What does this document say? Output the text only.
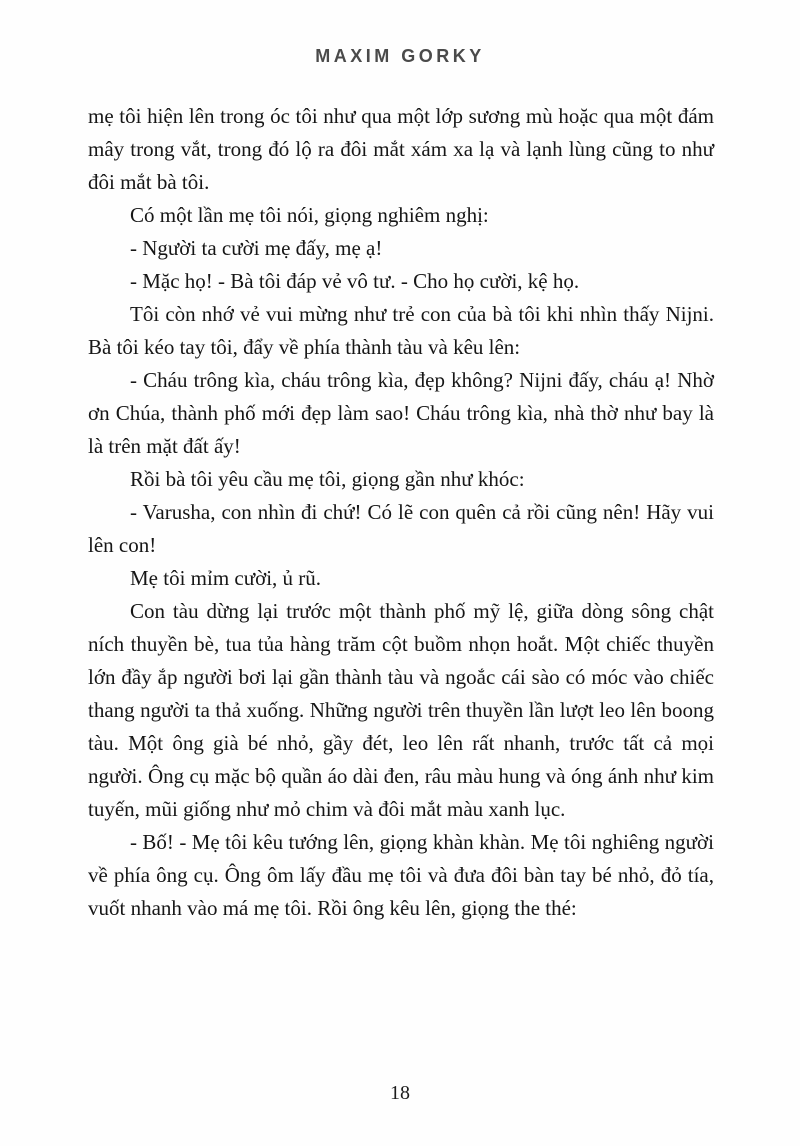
MAXIM GORKY

mẹ tôi hiện lên trong óc tôi như qua một lớp sương mù hoặc qua một đám mây trong vắt, trong đó lộ ra đôi mắt xám xa lạ và lạnh lùng cũng to như đôi mắt bà tôi.

Có một lần mẹ tôi nói, giọng nghiêm nghị:

- Người ta cười mẹ đấy, mẹ ạ!

- Mặc họ! - Bà tôi đáp vẻ vô tư. - Cho họ cười, kệ họ.

Tôi còn nhớ vẻ vui mừng như trẻ con của bà tôi khi nhìn thấy Nijni. Bà tôi kéo tay tôi, đẩy về phía thành tàu và kêu lên:

- Cháu trông kìa, cháu trông kìa, đẹp không? Nijni đấy, cháu ạ! Nhờ ơn Chúa, thành phố mới đẹp làm sao! Cháu trông kìa, nhà thờ như bay là là trên mặt đất ấy!

Rồi bà tôi yêu cầu mẹ tôi, giọng gần như khóc:

- Varusha, con nhìn đi chứ! Có lẽ con quên cả rồi cũng nên! Hãy vui lên con!

Mẹ tôi mỉm cười, ủ rũ.

Con tàu dừng lại trước một thành phố mỹ lệ, giữa dòng sông chật ních thuyền bè, tua tủa hàng trăm cột buồm nhọn hoắt. Một chiếc thuyền lớn đầy ắp người bơi lại gần thành tàu và ngoắc cái sào có móc vào chiếc thang người ta thả xuống. Những người trên thuyền lần lượt leo lên boong tàu. Một ông già bé nhỏ, gầy đét, leo lên rất nhanh, trước tất cả mọi người. Ông cụ mặc bộ quần áo dài đen, râu màu hung và óng ánh như kim tuyến, mũi giống như mỏ chim và đôi mắt màu xanh lục.

- Bố! - Mẹ tôi kêu tướng lên, giọng khàn khàn. Mẹ tôi nghiêng người về phía ông cụ. Ông ôm lấy đầu mẹ tôi và đưa đôi bàn tay bé nhỏ, đỏ tía, vuốt nhanh vào má mẹ tôi. Rồi ông kêu lên, giọng the thé:

18
